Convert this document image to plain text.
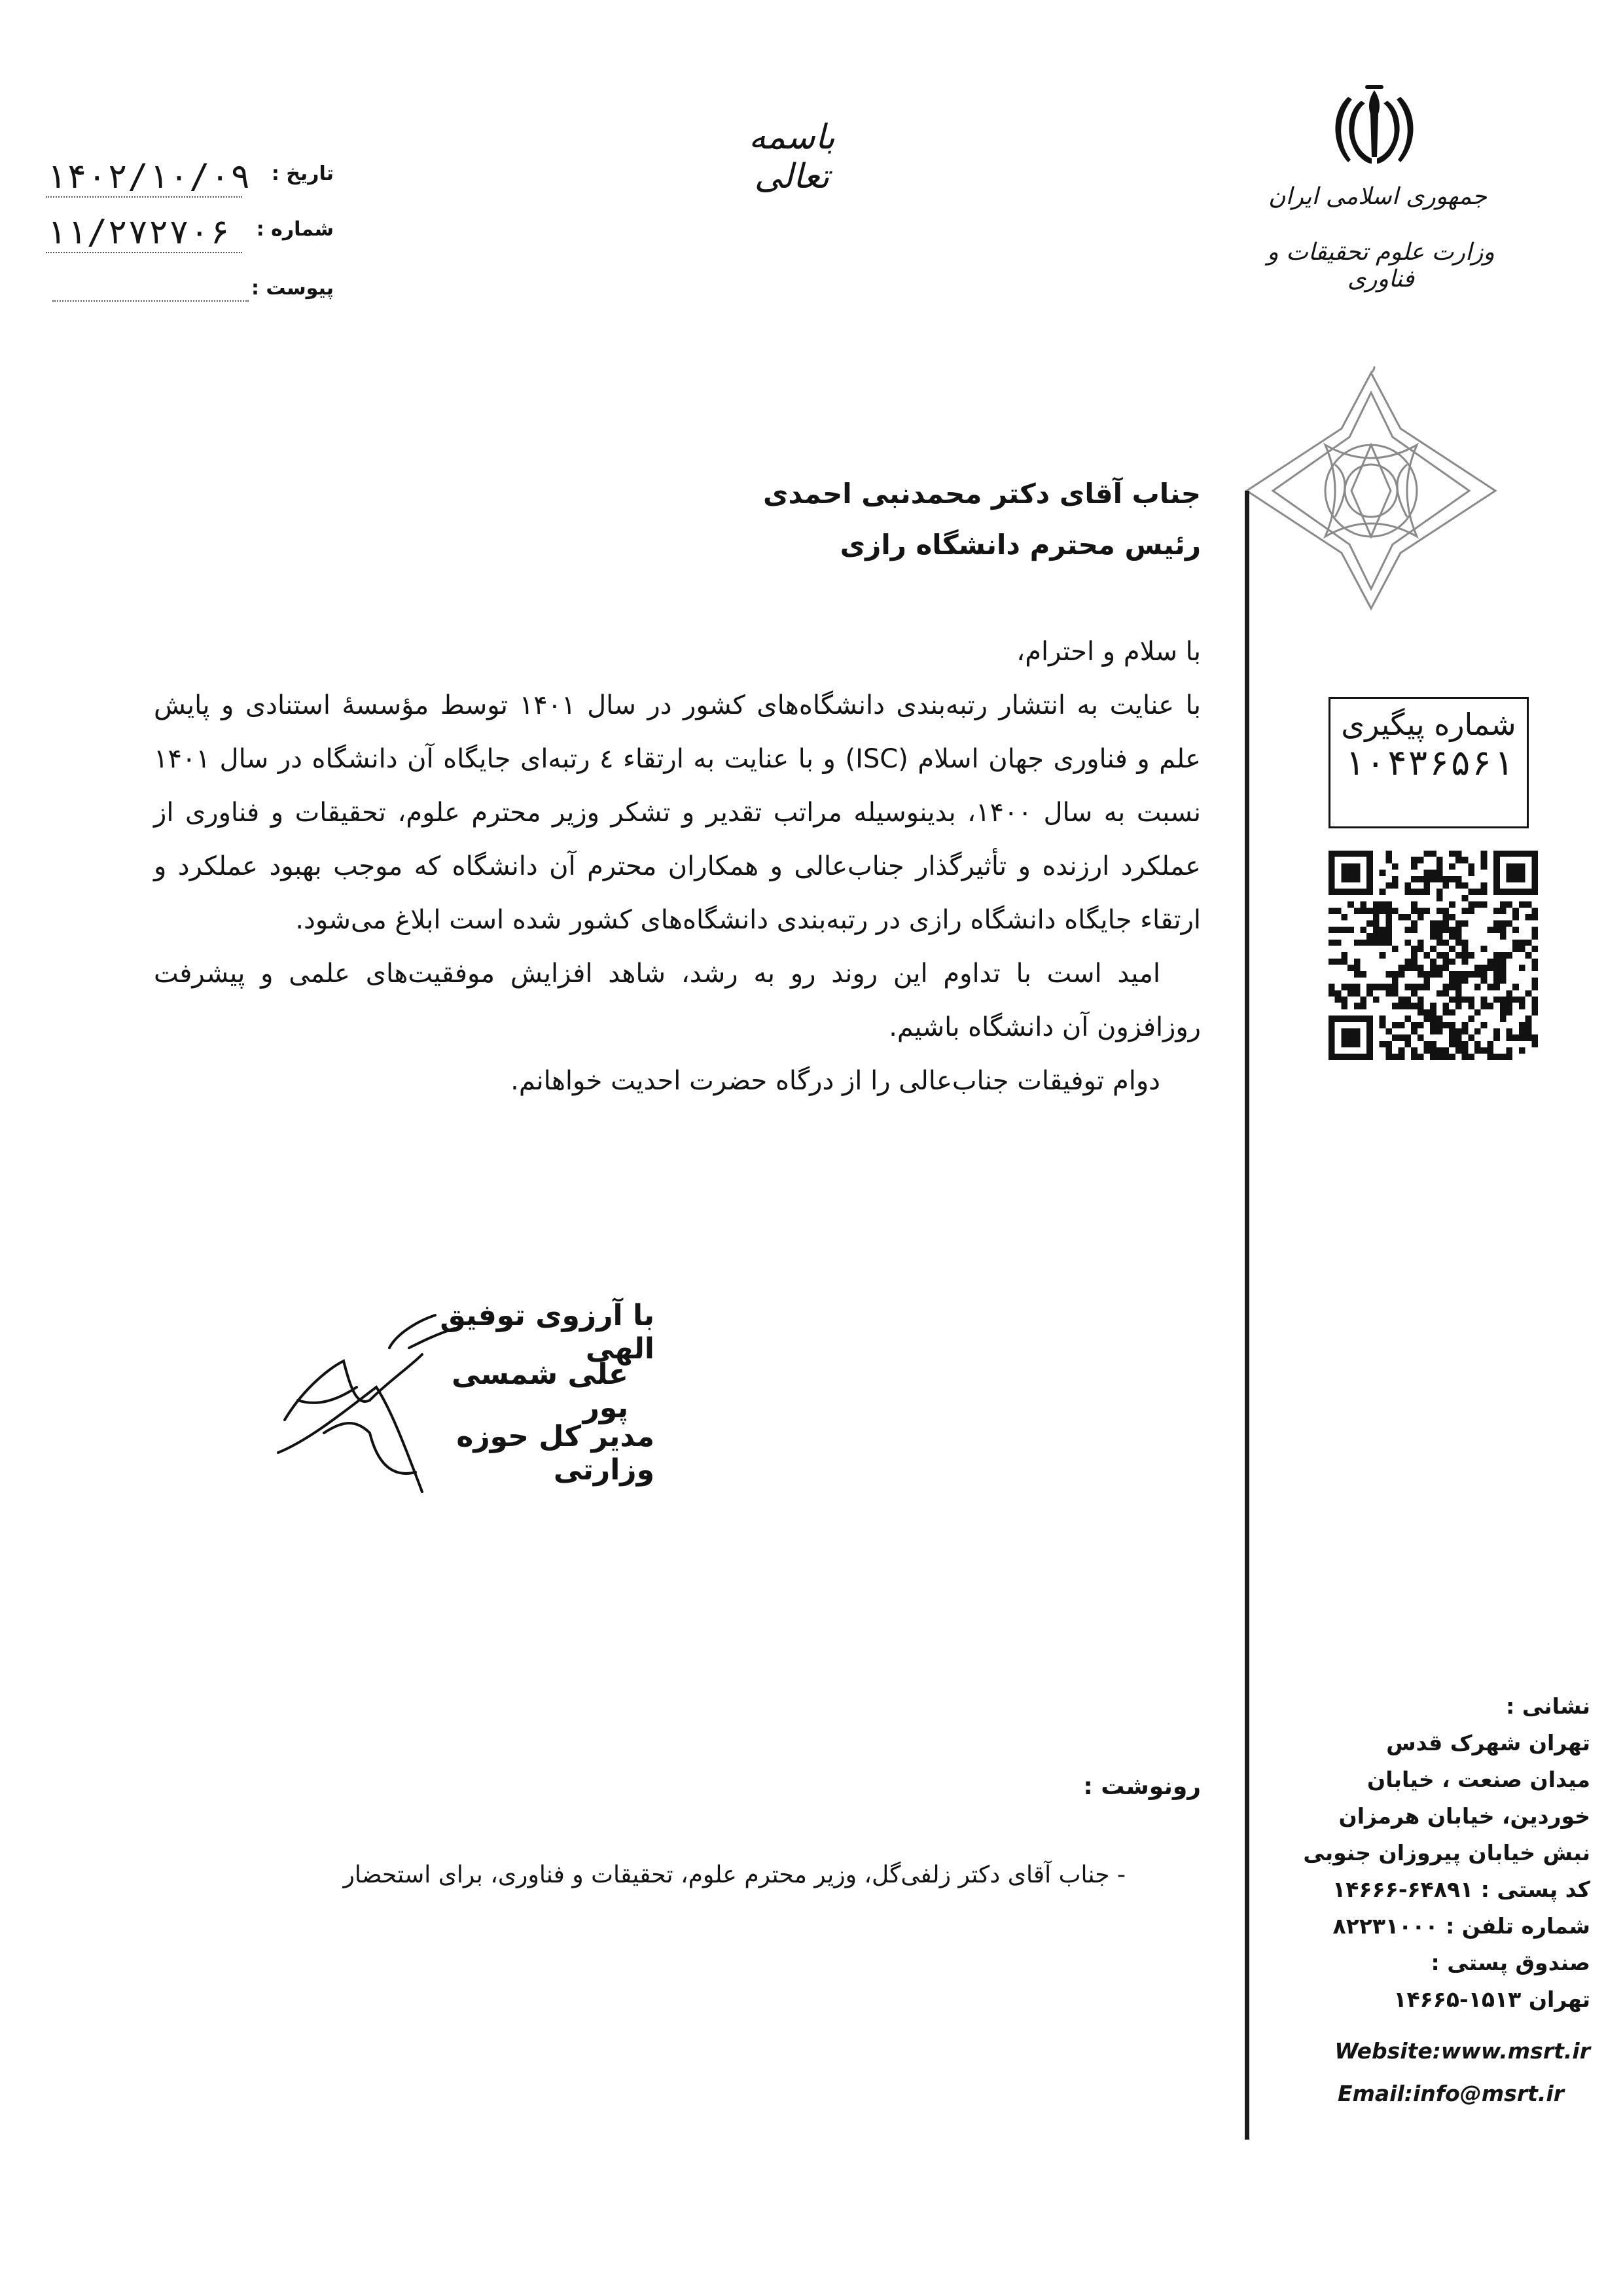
باسمه تعالی
۱۴۰۲/۱۰/۰۹ تاریخ :
۱۱/۲۷۲۷۰۶	شماره :
پیوست :
جمهوری اسلامی ایران
وزارت علوم تحقیقات و فناوری
جناب آقای دکتر محمدنبی احمدی
رئیس محترم دانشگاه رازی

با سلام و احترام،

با عنایت به انتشار رتبه‌بندی دانشگاه‌های کشور در سال ۱۴۰۱ توسط مؤسسهٔ استنادی و پایش علم و فناوری جهان اسلام (ISC) و با عنایت به ارتقاء ٤ رتبه‌ای جایگاه آن دانشگاه در سال ۱۴۰۱ نسبت به سال ۱۴۰۰، بدینوسیله مراتب تقدیر و تشکر وزیر محترم علوم، تحقیقات و فناوری از عملکرد ارزنده و تأثیرگذار جناب‌عالی و همکاران محترم آن دانشگاه که موجب بهبود عملکرد و ارتقاء جایگاه دانشگاه رازی در رتبه‌بندی دانشگاه‌های کشور شده است ابلاغ می‌شود.

امید است با تداوم این روند رو به رشد، شاهد افزایش موفقیت‌های علمی و پیشرفت روزافزون آن دانشگاه باشیم.

دوام توفیقات جناب‌عالی را از درگاه حضرت احدیت خواهانم.

شماره پیگیری
۱۰۴۳۶۵۶۱
با آرزوی توفیق الهی
علی شمسی پور
مدیر کل حوزه وزارتی
رونوشت :
- جناب آقای دکتر زلفی‌گل، وزیر محترم علوم، تحقیقات و فناوری، برای استحضار
نشانی :
تهران شهرک قدس
میدان صنعت ، خیابان
خوردین، خیابان هرمزان
نبش خیابان پیروزان جنوبی
کد پستی : ۶۴۸۹۱-۱۴۶۶۶
شماره تلفن : ۸۲۲۳۱۰۰۰
صندوق پستی :
تهران ۱۵۱۳-۱۴۶۶۵
Website:www.msrt.ir
Email:info@msrt.ir
